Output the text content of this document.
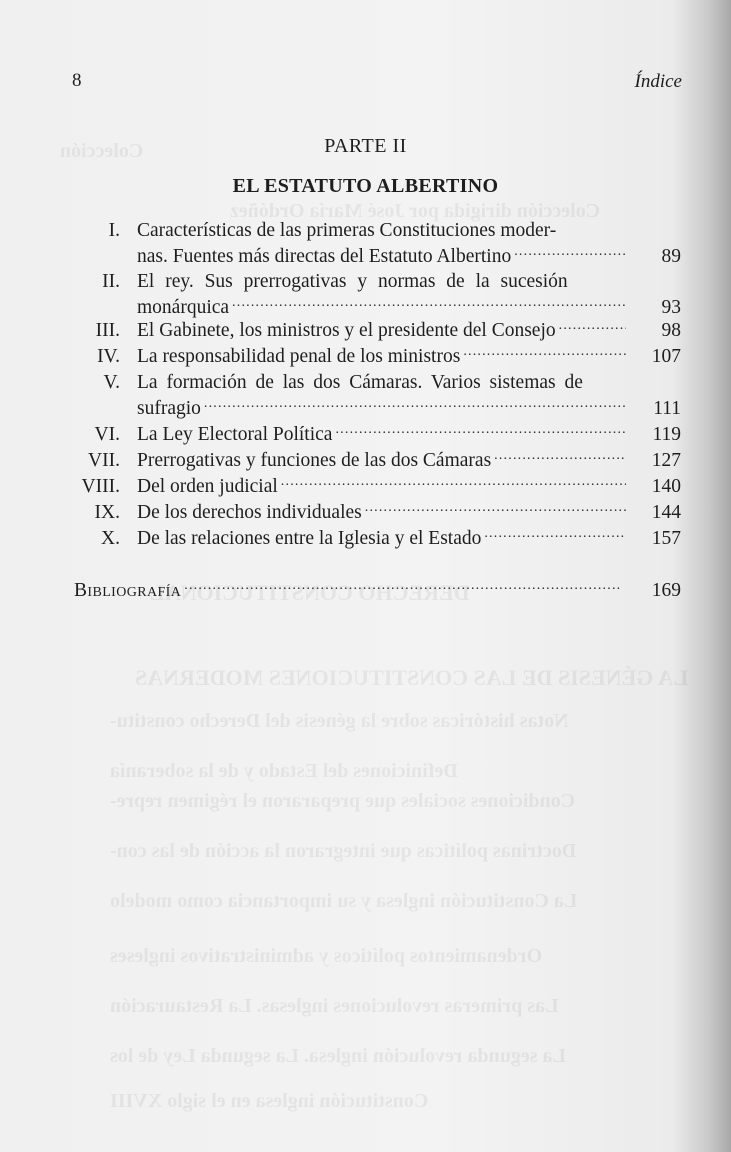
Colección
Colección dirigida por José María Ordóñez
DERECHO CONSTITUCIONAL
LA GÉNESIS DE LAS CONSTITUCIONES MODERNAS
Notas históricas sobre la génesis del Derecho constitu-
Definiciones del Estado y de la soberanía
Condiciones sociales que prepararon el régimen repre-
Doctrinas políticas que integraron la acción de las con-
La Constitución inglesa y su importancia como modelo
Ordenamientos políticos y administrativos ingleses
Las primeras revoluciones inglesas. La Restauración
La segunda revolución inglesa. La segunda Ley de los
Constitución inglesa en el siglo XVIII
8	Índice
PARTE II
EL ESTATUTO ALBERTINO
I. Características de las primeras Constituciones moder-
nas. Fuentes más directas del Estatuto Albertino .....	89
II. El rey. Sus prerrogativas y normas de la sucesión
monárquica .....	93
III. El Gabinete, los ministros y el presidente del Consejo .....	98
IV. La responsabilidad penal de los ministros .....	107
V. La formación de las dos Cámaras. Varios sistemas de
sufragio .....	111
VI. La Ley Electoral Política .....	119
VII. Prerrogativas y funciones de las dos Cámaras .....	127
VIII. Del orden judicial .....	140
IX. De los derechos individuales .....	144
X. De las relaciones entre la Iglesia y el Estado .....	157
Bibliografía .....	169
